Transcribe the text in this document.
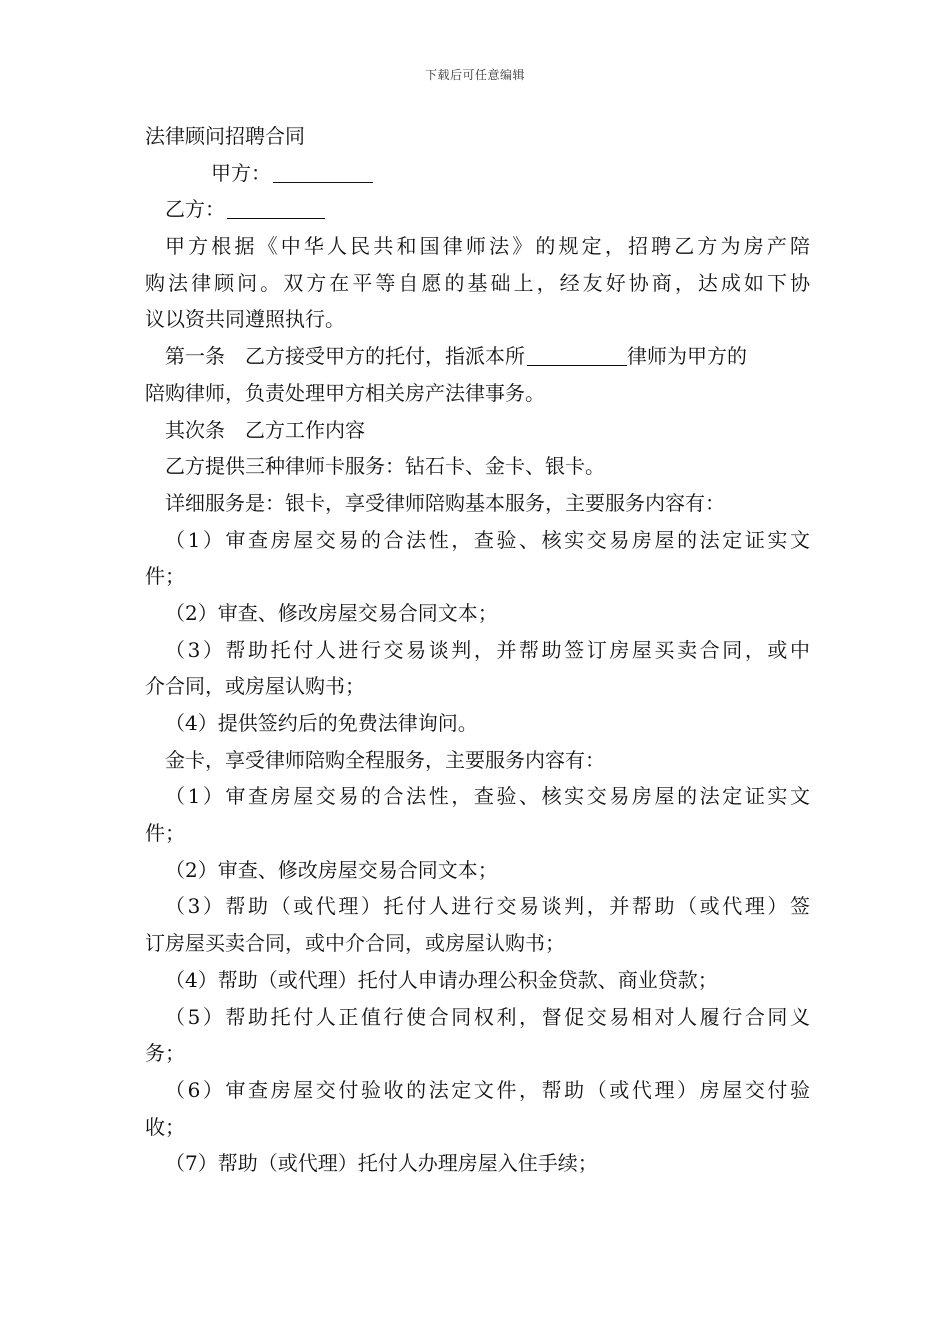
下载后可任意编辑
法律顾问招聘合同
甲方：
乙方：
甲方根据《中华人民共和国律师法》的规定，招聘乙方为房产陪
购法律顾问。双方在平等自愿的基础上，经友好协商，达成如下协
议以资共同遵照执行。
第一条　乙方接受甲方的托付，指派本所	律师为甲方的
陪购律师，负责处理甲方相关房产法律事务。
其次条　乙方工作内容
乙方提供三种律师卡服务：钻石卡、金卡、银卡。
详细服务是：银卡，享受律师陪购基本服务，主要服务内容有：
（1）审查房屋交易的合法性，查验、核实交易房屋的法定证实文
件；
（2）审查、修改房屋交易合同文本；
（3）帮助托付人进行交易谈判，并帮助签订房屋买卖合同，或中
介合同，或房屋认购书；
（4）提供签约后的免费法律询问。
金卡，享受律师陪购全程服务，主要服务内容有：
（1）审查房屋交易的合法性，查验、核实交易房屋的法定证实文
件；
（2）审查、修改房屋交易合同文本；
（3）帮助（或代理）托付人进行交易谈判，并帮助（或代理）签
订房屋买卖合同，或中介合同，或房屋认购书；
（4）帮助（或代理）托付人申请办理公积金贷款、商业贷款；
（5）帮助托付人正值行使合同权利，督促交易相对人履行合同义
务；
（6）审查房屋交付验收的法定文件，帮助（或代理）房屋交付验
收；
（7）帮助（或代理）托付人办理房屋入住手续；
